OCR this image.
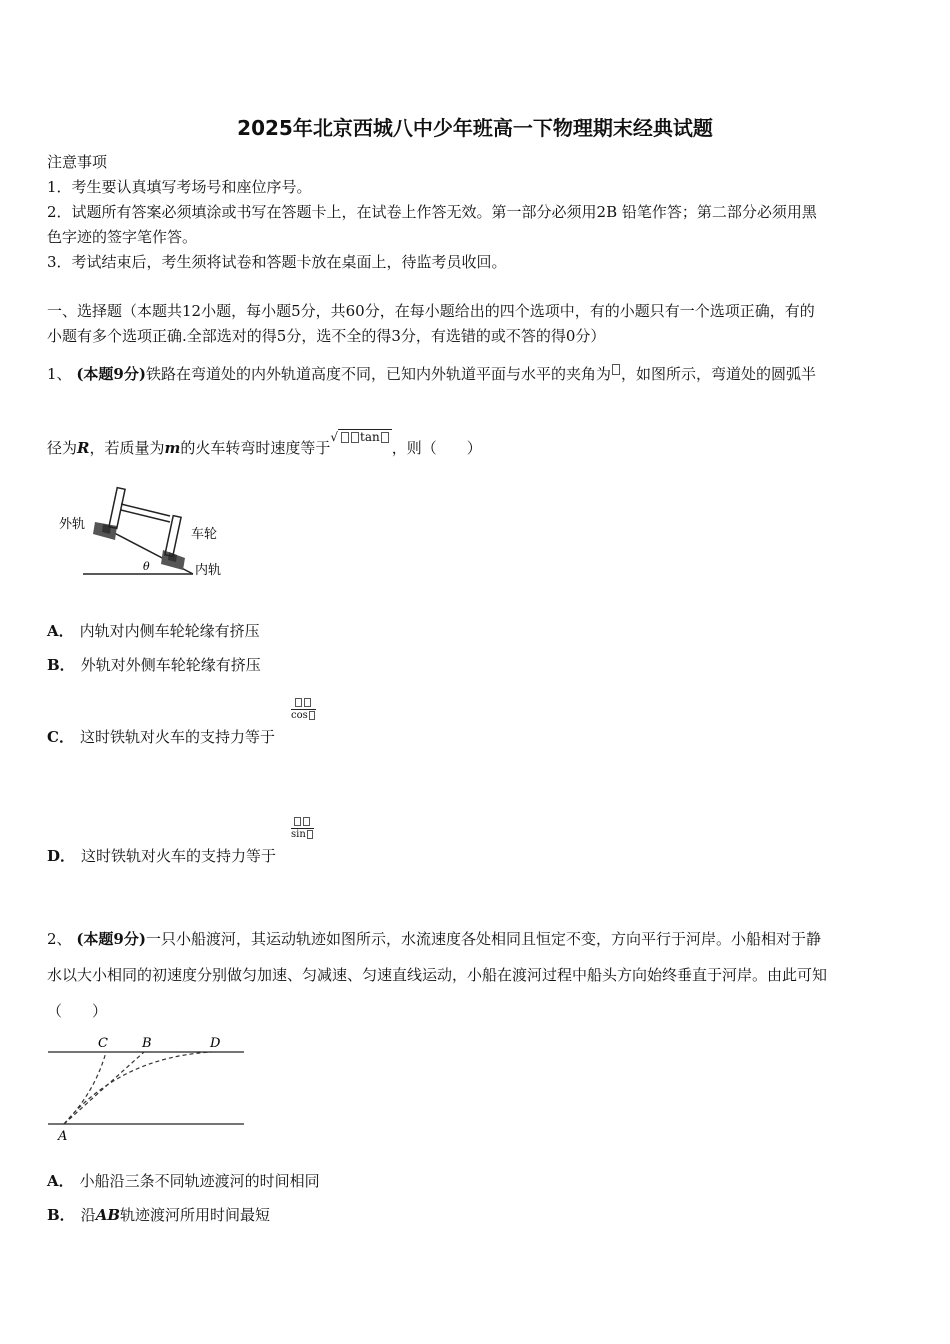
2025年北京西城八中少年班高一下物理期末经典试题
注意事项
1．考生要认真填写考场号和座位序号。
2．试题所有答案必须填涂或书写在答题卡上，在试卷上作答无效。第一部分必须用2B 铅笔作答；第二部分必须用黑
色字迹的签字笔作答。
3．考试结束后，考生须将试卷和答题卡放在桌面上，待监考员收回。
一、选择题（本题共12小题，每小题5分，共60分，在每小题给出的四个选项中，有的小题只有一个选项正确，有的
小题有多个选项正确.全部选对的得5分，选不全的得3分，有选错的或不答的得0分）
1、 (本题9分)铁路在弯道处的内外轨道高度不同，已知内外轨道平面与水平的夹角为 ，如图所示，弯道处的圆弧半
径为R，若质量为m的火车转弯时速度等于$^{√ tan}$，则（　　）
外轨
车轮
内轨
θ
A． 内轨对内侧车轮轮缘有挤压
B． 外轨对外侧车轮轮缘有挤压
C． 这时铁轨对火车的支持力等于
cos
D． 这时铁轨对火车的支持力等于
sin
2、 (本题9分)一只小船渡河，其运动轨迹如图所示，水流速度各处相同且恒定不变，方向平行于河岸。小船相对于静
水以大小相同的初速度分别做匀加速、匀减速、匀速直线运动，小船在渡河过程中船头方向始终垂直于河岸。由此可知
（　　）
C	B	D
A
A． 小船沿三条不同轨迹渡河的时间相同
B． 沿AB轨迹渡河所用时间最短
